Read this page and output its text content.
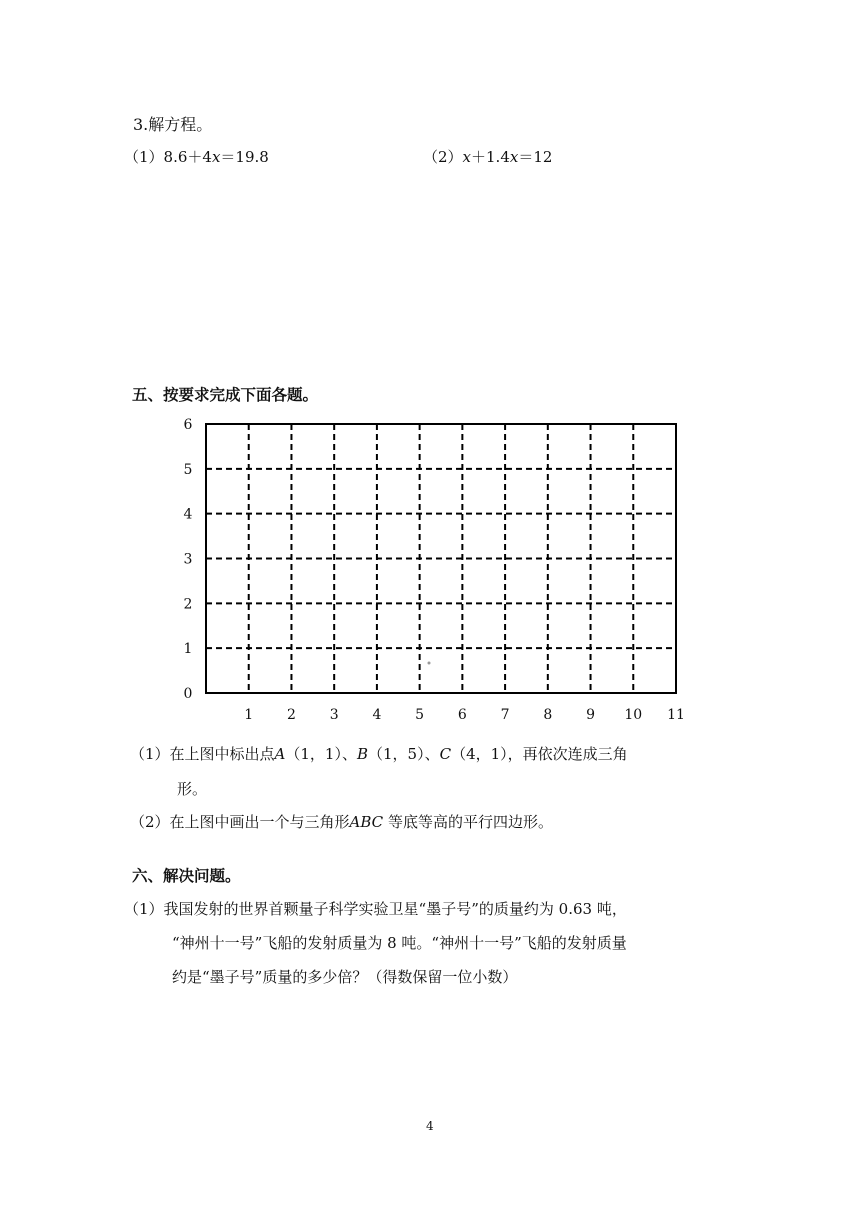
3.解方程。
（1）8.6＋4x＝19.8	（2）x＋1.4x＝12
五、按要求完成下面各题。
1 2 3 4 5 6 7 8 9 10 11
0
1
2
3
4
5
6
（1）在上图中标出点A（1，1）、B（1，5）、C（4，1），再依次连成三角
形。
（2）在上图中画出一个与三角形ABC 等底等高的平行四边形。
六、解决问题。
（1）我国发射的世界首颗量子科学实验卫星“墨子号”的质量约为 0.63 吨，
“神州十一号”飞船的发射质量为 8 吨。“神州十一号”飞船的发射质量
约是“墨子号”质量的多少倍？（得数保留一位小数）
4
